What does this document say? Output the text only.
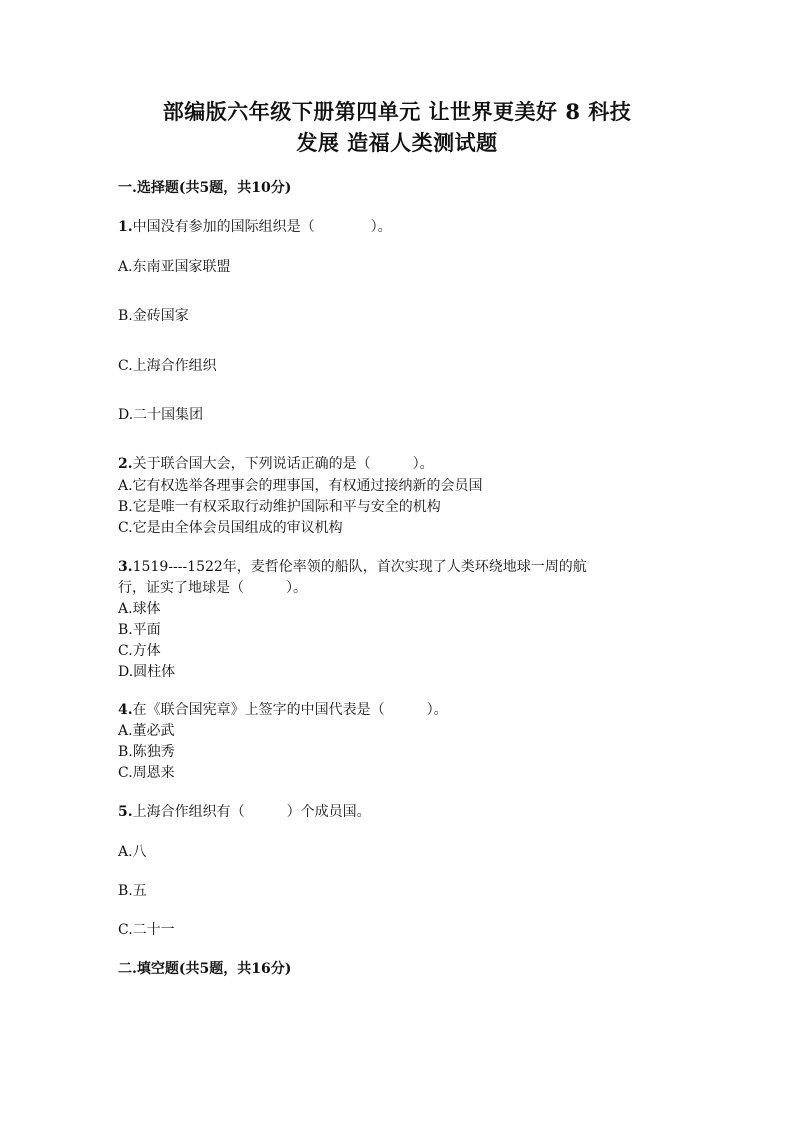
部编版六年级下册第四单元 让世界更美好 8 科技
发展 造福人类测试题

一.选择题(共5题，共10分)

1.中国没有参加的国际组织是（　　　　）。

A.东南亚国家联盟

B.金砖国家

C.上海合作组织

D.二十国集团

2.关于联合国大会，下列说话正确的是（　　　）。

A.它有权选举各理事会的理事国，有权通过接纳新的会员国

B.它是唯一有权采取行动维护国际和平与安全的机构

C.它是由全体会员国组成的审议机构

3.1519----1522年，麦哲伦率领的船队，首次实现了人类环绕地球一周的航

行，证实了地球是（　　　）。

A.球体

B.平面

C.方体

D.圆柱体

4.在《联合国宪章》上签字的中国代表是（　　　）。

A.董必武

B.陈独秀

C.周恩来

5.上海合作组织有（　　　）个成员国。

A.八

B.五

C.二十一

二.填空题(共5题，共16分)
